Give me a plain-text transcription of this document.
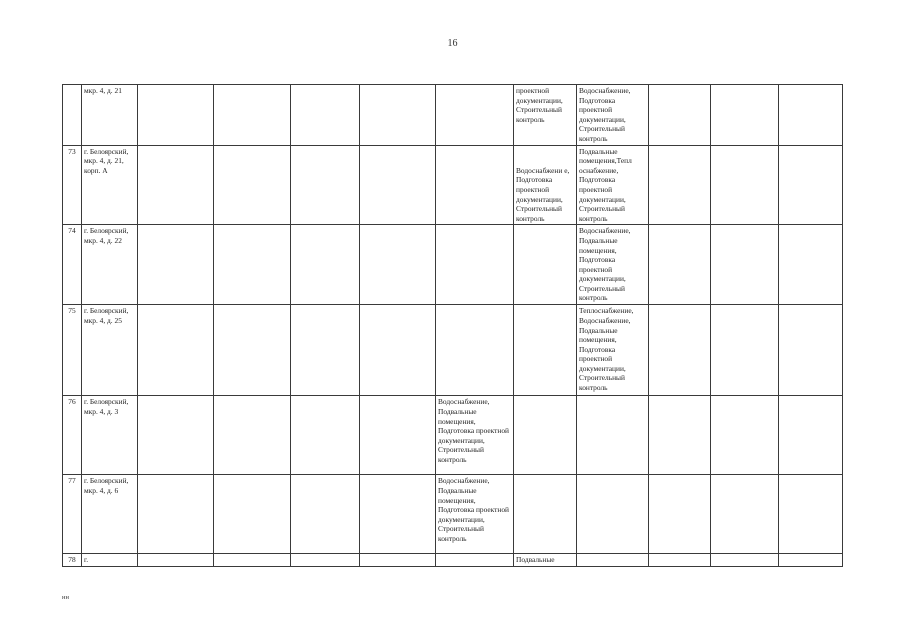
16
	мкр. 4, д. 21						проектной документации, Строительный контроль	Водоснабжение, Подготовка проектной документации, Строительный контроль			
73	г. Белоярский, мкр. 4, д. 21, корп. А						Водоснабжени е, Подготовка проектной документации, Строительный контроль	Подвальные помещения,Тепл оснабжение, Подготовка проектной документации, Строительный контроль			
74	г. Белоярский, мкр. 4, д. 22							Водоснабжение, Подвальные помещения, Подготовка проектной документации, Строительный контроль			
75	г. Белоярский, мкр. 4, д. 25							Теплоснабжение, Водоснабжение, Подвальные помещения, Подготовка проектной документации, Строительный контроль			
76	г. Белоярский, мкр. 4, д. 3					Водоснабжение, Подвальные помещения, Подготовка проектной документации, Строительный контроль					
77	г. Белоярский, мкр. 4, д. 6					Водоснабжение, Подвальные помещения, Подготовка проектной документации, Строительный контроль					
78	г.						Подвальные				
нн
